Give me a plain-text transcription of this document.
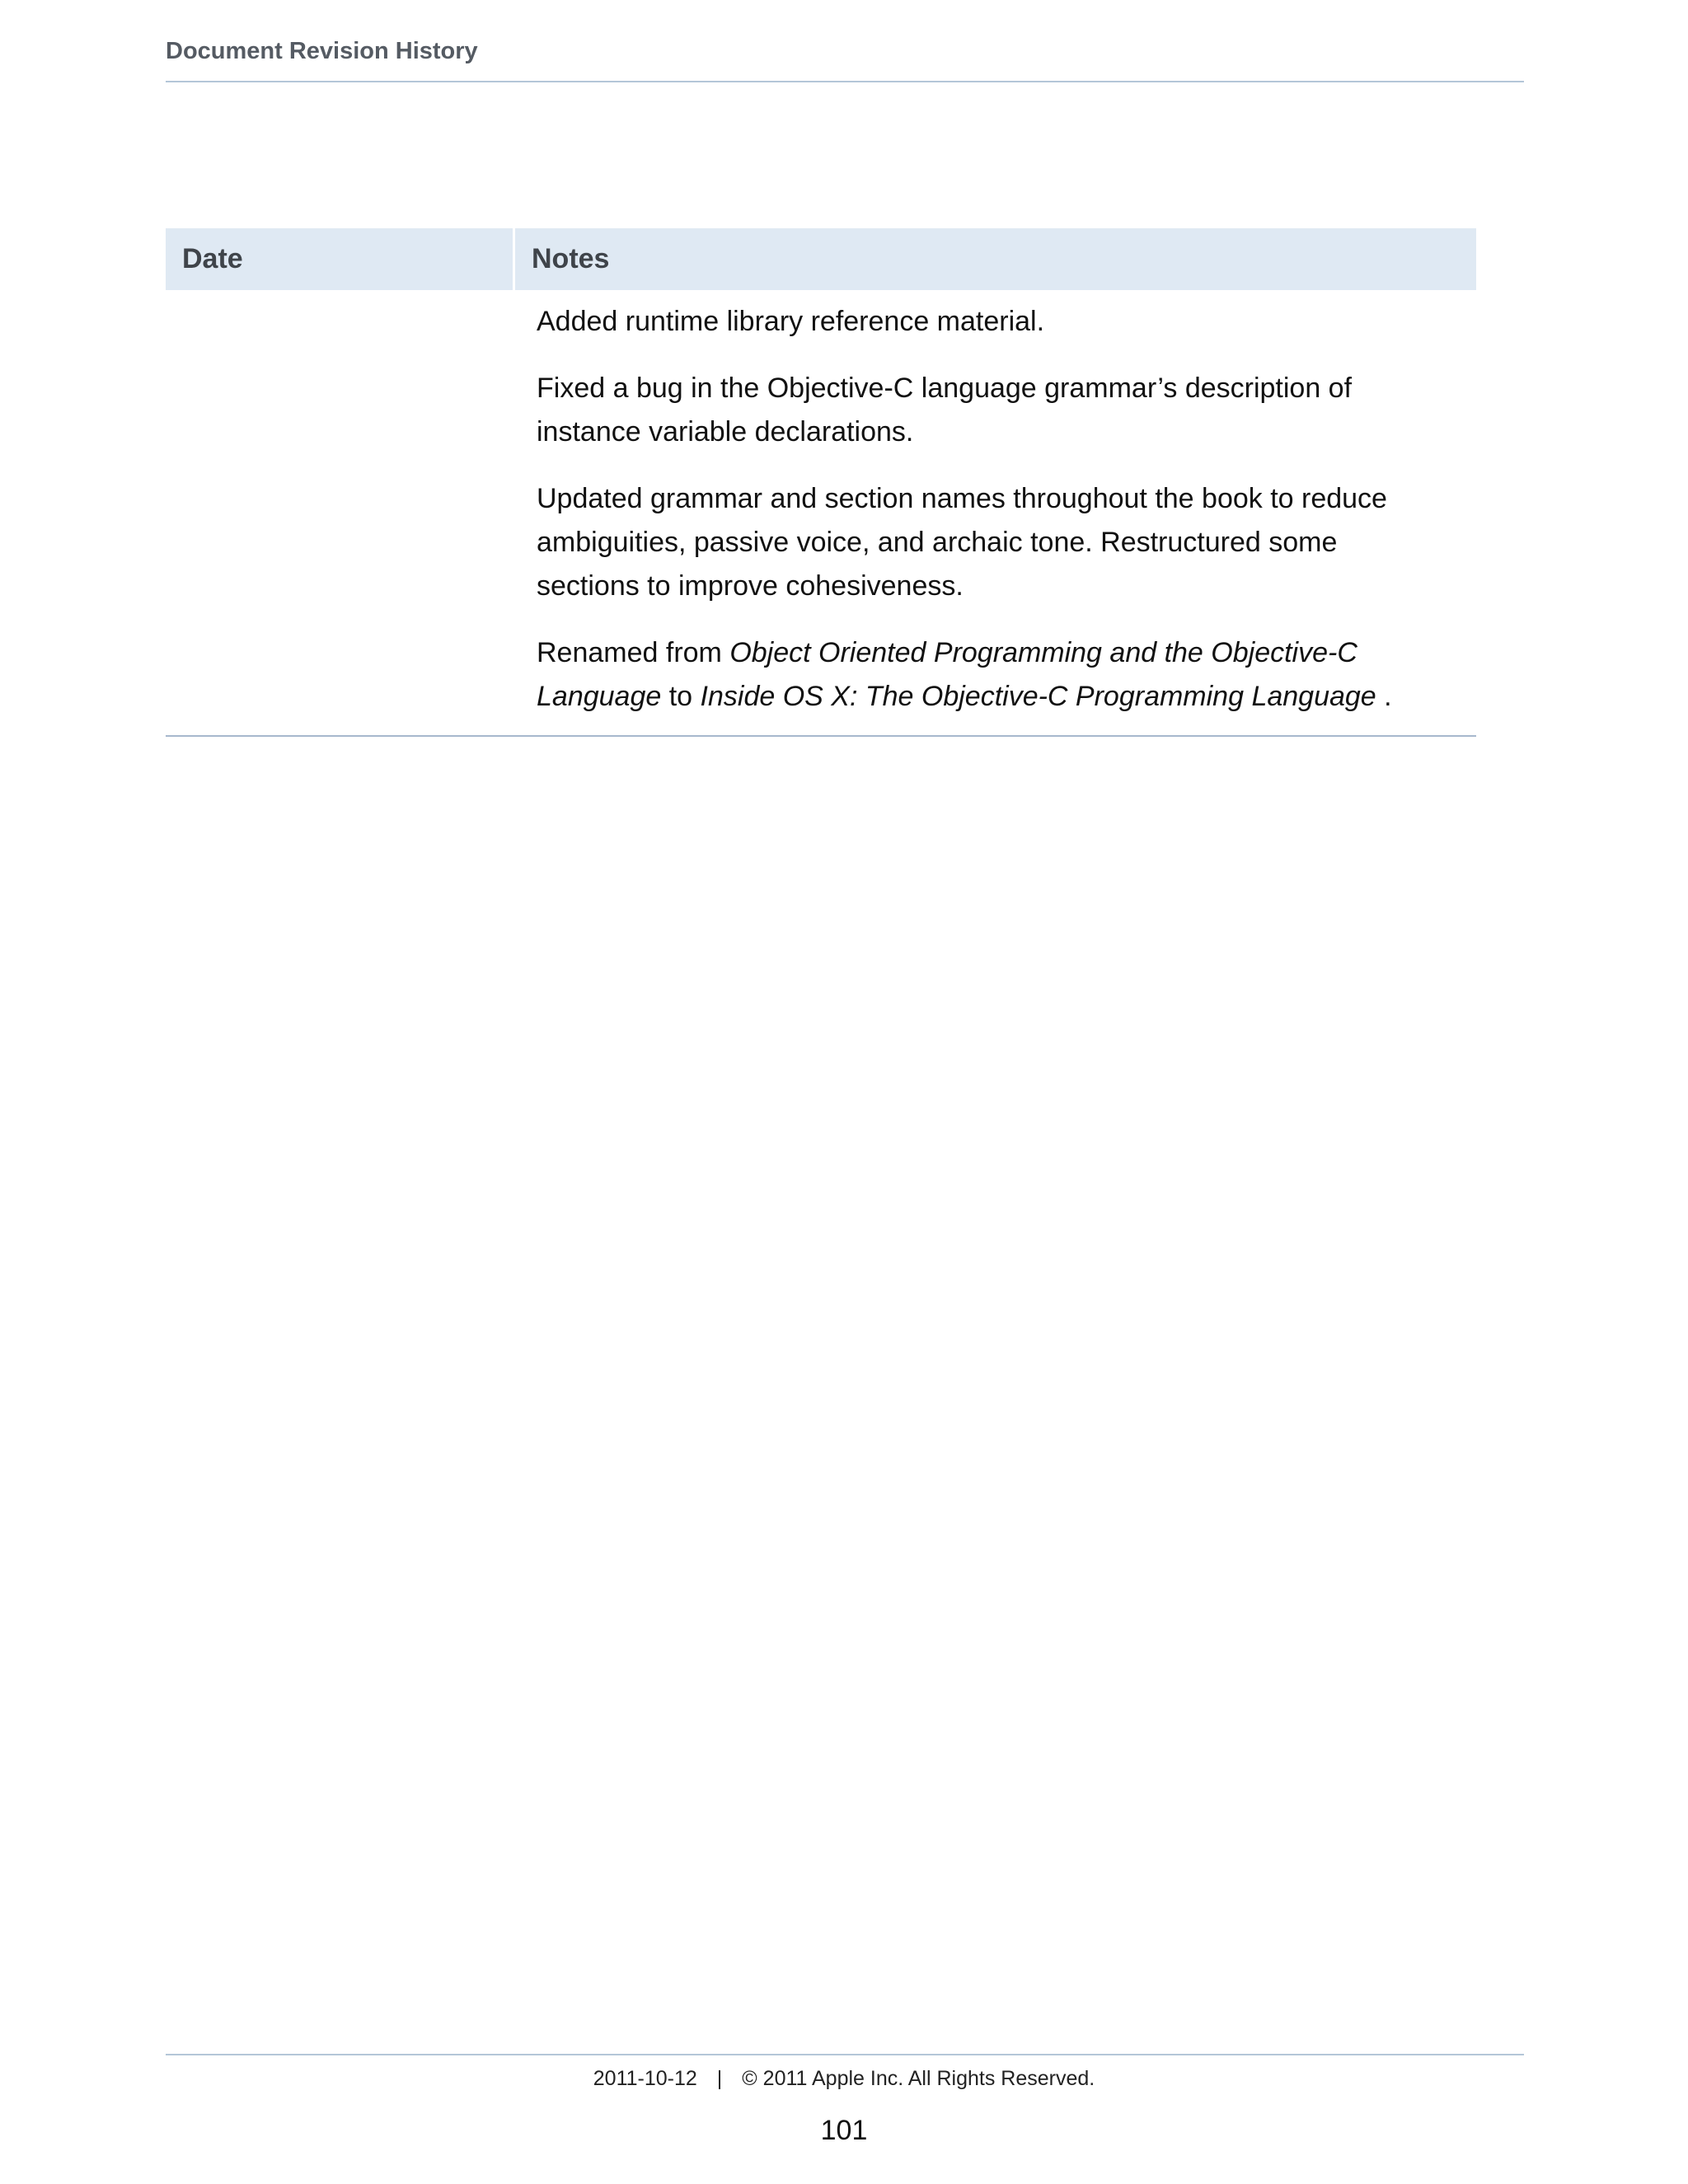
Document Revision History
Date	Notes

Added runtime library reference material.

Fixed a bug in the Objective-C language grammar’s description of instance variable declarations.

Updated grammar and section names throughout the book to reduce ambiguities, passive voice, and archaic tone. Restructured some sections to improve cohesiveness.

Renamed from Object Oriented Programming and the Objective-C Language to Inside OS X: The Objective-C Programming Language .

2011-10-12 | © 2011 Apple Inc. All Rights Reserved.
101
